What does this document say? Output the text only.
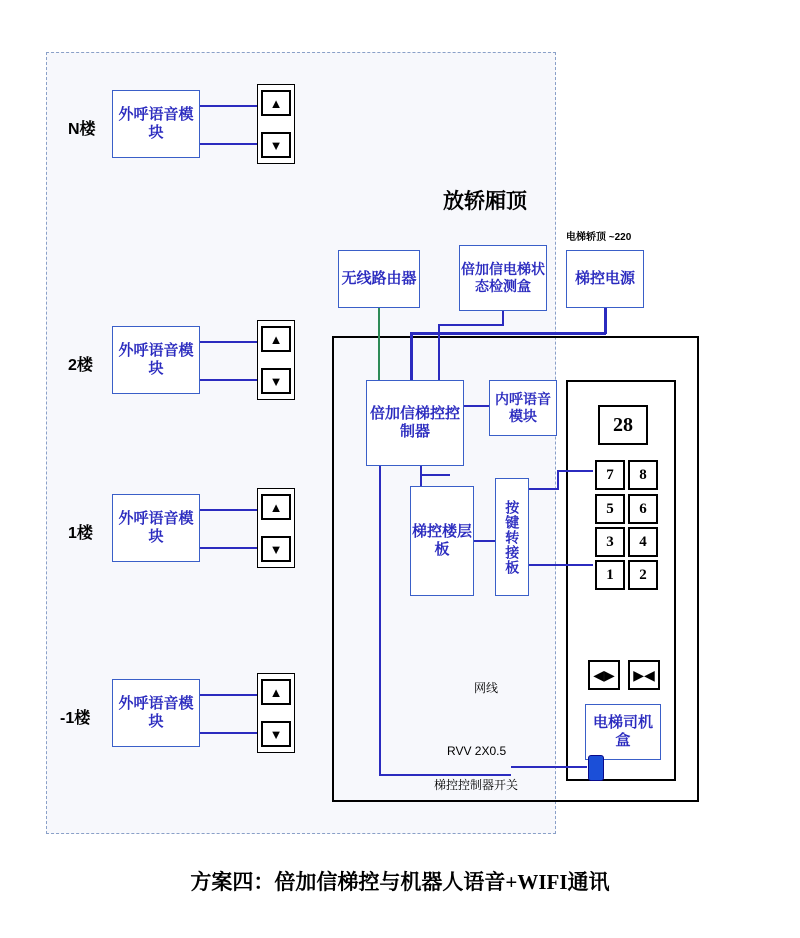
N楼
外呼语音模块
▲
▼
2楼
外呼语音模块
▲
▼
1楼
外呼语音模块
▲
▼
-1楼
外呼语音模块
▲
▼
放轿厢顶
电梯轿顶 ~220
无线路由器
倍加信电梯状态检测盒	梯控电源
倍加信梯控控制器
内呼语音模块
梯控楼层板	按键转接板
28
7	8
5	6
3	4
1	2
◀▶	▶◀
电梯司机盒
网线
RVV 2X0.5
梯控控制器开关
方案四：倍加信梯控与机器人语音+WIFI通讯
